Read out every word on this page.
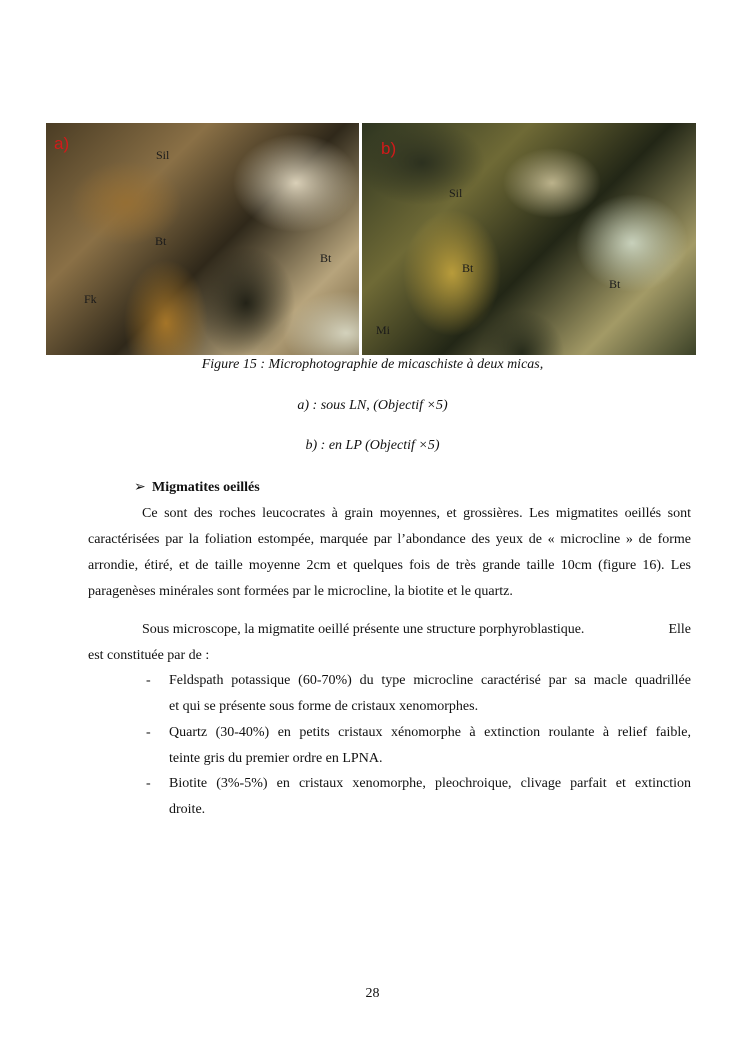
a)
Sil
Bt
Bt
Fk
b)
Sil
Bt
Bt
Mi
Figure 15 : Microphotographie de micaschiste à deux micas,
a) : sous LN, (Objectif ×5)
b) : en LP (Objectif ×5)
➢ Migmatites oeillés
Ce sont des roches leucocrates à grain moyennes, et grossières. Les migmatites oeillés sont
caractérisées par la foliation estompée, marquée par l’abondance des yeux de « microcline » de forme
arrondie, étiré, et de taille moyenne 2cm et quelques fois de très grande taille 10cm (figure 16). Les
paragenèses minérales sont formées par le microcline, la biotite et le quartz.
Sous microscope, la migmatite oeillé présente une structure porphyroblastique.	Elle
est constituée par de :
- Feldspath potassique (60-70%) du type microcline caractérisé par sa macle quadrillée
et qui se présente sous forme de cristaux xenomorphes.
- Quartz (30-40%) en petits cristaux xénomorphe à extinction roulante à relief faible,
teinte gris du premier ordre en LPNA.
- Biotite (3%-5%) en cristaux xenomorphe, pleochroique, clivage parfait et extinction
droite.
28
